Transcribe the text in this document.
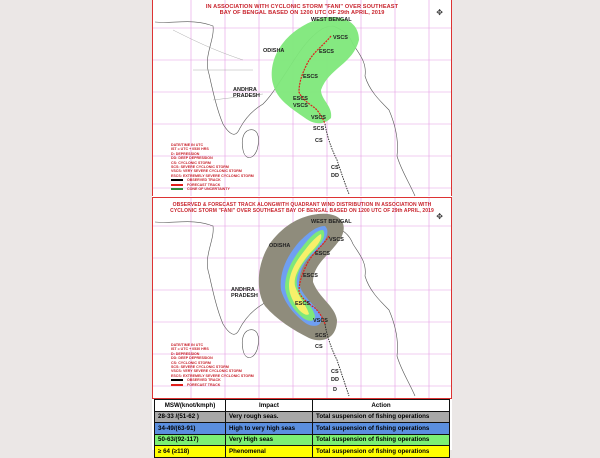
IN ASSOCIATION WITH CYCLONIC STORM "FANI" OVER SOUTHEAST
BAY OF BENGAL BASED ON 1200 UTC OF 29th APRIL, 2019	✥
WEST BENGAL
ODISHA
ANDHRA PRADESH
VSCS
ESCS
ESCS
ESCS
VSCS
VSCS
SCS
CS
CS
DD
DATE/TIME IN UTC
IST = UTC + 0530 HRS
D: DEPRESSION
DD: DEEP DEPRESSION
CS: CYCLONIC STORM
SCS: SEVERE CYCLONIC STORM
VSCS: VERY SEVERE CYCLONIC STORM
ESCS: EXTREMELY SEVERE CYCLONIC STORM
OBSERVED TRACK
FORECAST TRACK
CONE OF UNCERTAINTY
OBSERVED & FORECAST TRACK ALONGWITH QUADRANT WIND DISTRIBUTION IN ASSOCIATION WITH
CYCLONIC STORM "FANI" OVER SOUTHEAST BAY OF BENGAL BASED ON 1200 UTC OF 29th APRIL, 2019
✥
WEST BENGAL
ODISHA
ANDHRA PRADESH
VSCS
ESCS
ESCS
ESCS
VSCS
SCS
CS
CS
DD
D
DATE/TIME IN UTC
IST = UTC + 0530 HRS
D: DEPRESSION
DD: DEEP DEPRESSION
CS: CYCLONIC STORM
SCS: SEVERE CYCLONIC STORM
VSCS: VERY SEVERE CYCLONIC STORM
ESCS: EXTREMELY SEVERE CYCLONIC STORM
OBSERVED TRACK
FORECAST TRACK
MSW(knot/kmph)	Impact	Action
28-33 /(51-62 )	Very rough seas.	Total suspension of fishing operations
34-49/(63-91)	High to very high seas	Total suspension of fishing operations
50-63/(92-117)	Very High seas	Total suspension of fishing operations
≥ 64 (≥118)	Phenomenal	Total suspension of fishing operations
